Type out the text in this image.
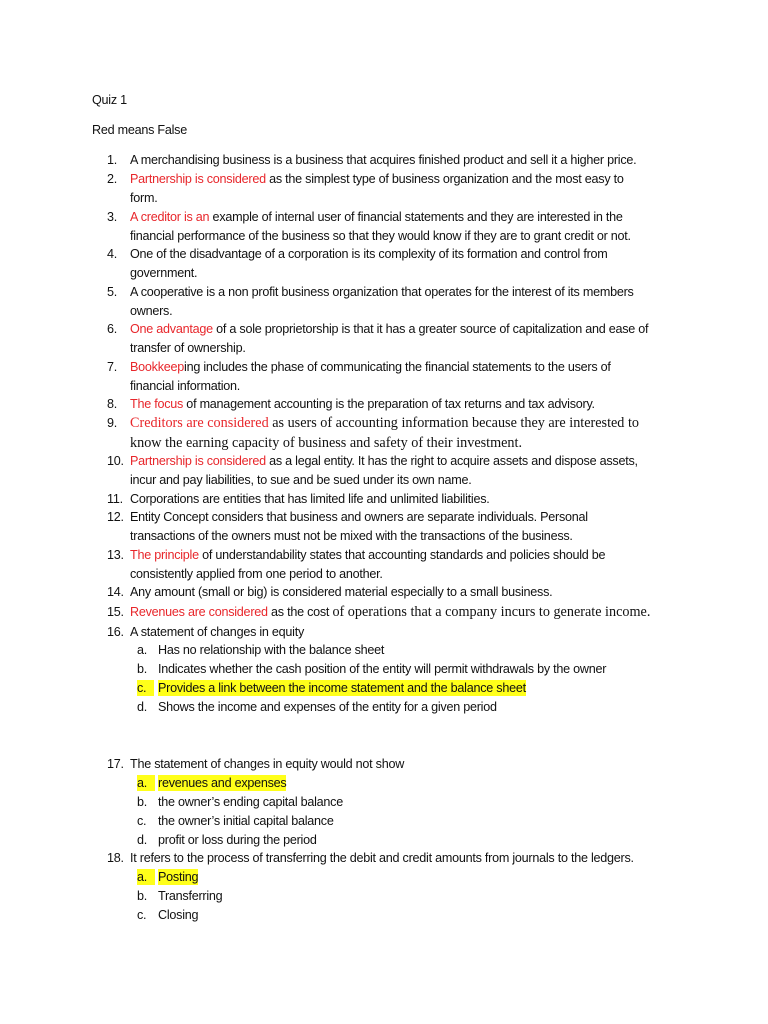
Quiz 1
Red means False
1. A merchandising business is a business that acquires finished product and sell it a higher price.
2. Partnership is considered as the simplest type of business organization and the most easy to
form.
3. A creditor is an example of internal user of financial statements and they are interested in the
financial performance of the business so that they would know if they are to grant credit or not.
4. One of the disadvantage of a corporation is its complexity of its formation and control from
government.
5. A cooperative is a non profit business organization that operates for the interest of its members
owners.
6. One advantage of a sole proprietorship is that it has a greater source of capitalization and ease of
transfer of ownership.
7. Bookkeeping includes the phase of communicating the financial statements to the users of
financial information.
8. The focus of management accounting is the preparation of tax returns and tax advisory.
9. Creditors are considered as users of accounting information because they are interested to
know the earning capacity of business and safety of their investment.
10. Partnership is considered as a legal entity. It has the right to acquire assets and dispose assets,
incur and pay liabilities, to sue and be sued under its own name.
11. Corporations are entities that has limited life and unlimited liabilities.
12. Entity Concept considers that business and owners are separate individuals. Personal
transactions of the owners must not be mixed with the transactions of the business.
13. The principle of understandability states that accounting standards and policies should be
consistently applied from one period to another.
14. Any amount (small or big) is considered material especially to a small business.
15. Revenues are considered as the cost of operations that a company incurs to generate income.
16. A statement of changes in equity
a. Has no relationship with the balance sheet
b. Indicates whether the cash position of the entity will permit withdrawals by the owner
c. Provides a link between the income statement and the balance sheet
d. Shows the income and expenses of the entity for a given period
17. The statement of changes in equity would not show
a. revenues and expenses
b. the owner’s ending capital balance
c. the owner’s initial capital balance
d. profit or loss during the period
18. It refers to the process of transferring the debit and credit amounts from journals to the ledgers.
a. Posting
b. Transferring
c. Closing
